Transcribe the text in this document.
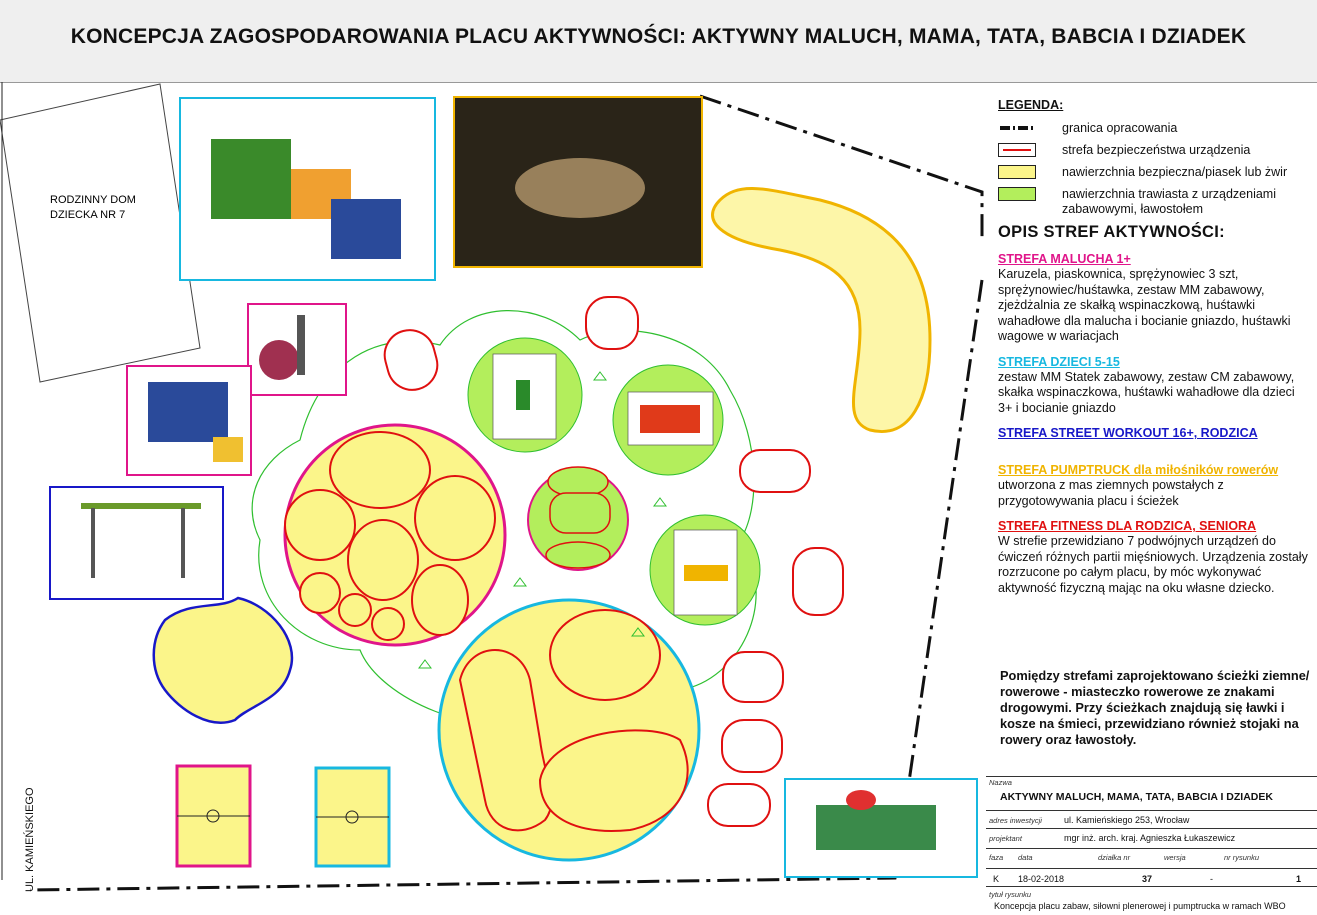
KONCEPCJA ZAGOSPODAROWANIA PLACU AKTYWNOŚCI: AKTYWNY MALUCH, MAMA, TATA, BABCIA I DZIADEK
RODZINNY DOM
DZIECKA NR 7
UL. KAMIEŃSKIEGO
LEGENDA:
granica opracowania
strefa bezpieczeństwa urządzenia
nawierzchnia bezpieczna/piasek lub żwir
nawierzchnia trawiasta z urządzeniami zabawowymi, ławostołem
OPIS STREF AKTYWNOŚCI:
STREFA MALUCHA 1+
Karuzela, piaskownica, sprężynowiec 3 szt, sprężynowiec/huśtawka, zestaw MM zabawowy, zjeżdżalnia ze skałką wspinaczkową, huśtawki wahadłowe dla malucha i bocianie gniazdo, huśtawki wagowe w wariacjach
STREFA DZIECI 5-15
zestaw MM Statek zabawowy, zestaw CM zabawowy, skałka wspinaczkowa, huśtawki wahadłowe dla dzieci 3+ i bocianie gniazdo
STREFA STREET WORKOUT 16+, RODZICA
STREFA PUMPTRUCK dla miłośników rowerów
utworzona z mas ziemnych powstałych z przygotowywania placu i ścieżek
STREFA FITNESS DLA RODZICA, SENIORA
W strefie przewidziano 7 podwójnych urządzeń do ćwiczeń różnych partii mięśniowych. Urządzenia zostały rozrzucone po całym placu, by móc wykonywać aktywność fizyczną mając na oku własne dziecko.
Pomiędzy strefami zaprojektowano ścieżki ziemne/ rowerowe - miasteczko rowerowe ze znakami drogowymi. Przy ścieżkach znajdują się ławki i kosze na śmieci, przewidziano również stojaki na rowery oraz ławostoły.
Nazwa
AKTYWNY MALUCH, MAMA, TATA, BABCIA I DZIADEK
adres inwestycji ul. Kamieńskiego 253, Wrocław
projektant	mgr inż. arch. kraj. Agnieszka Łukaszewicz
faza data	działka nr	wersja	nr rysunku
K 18-02-2018	37	-	1
tytuł rysunku
Koncepcja placu zabaw, siłowni plenerowej i pumptrucka w ramach WBO
